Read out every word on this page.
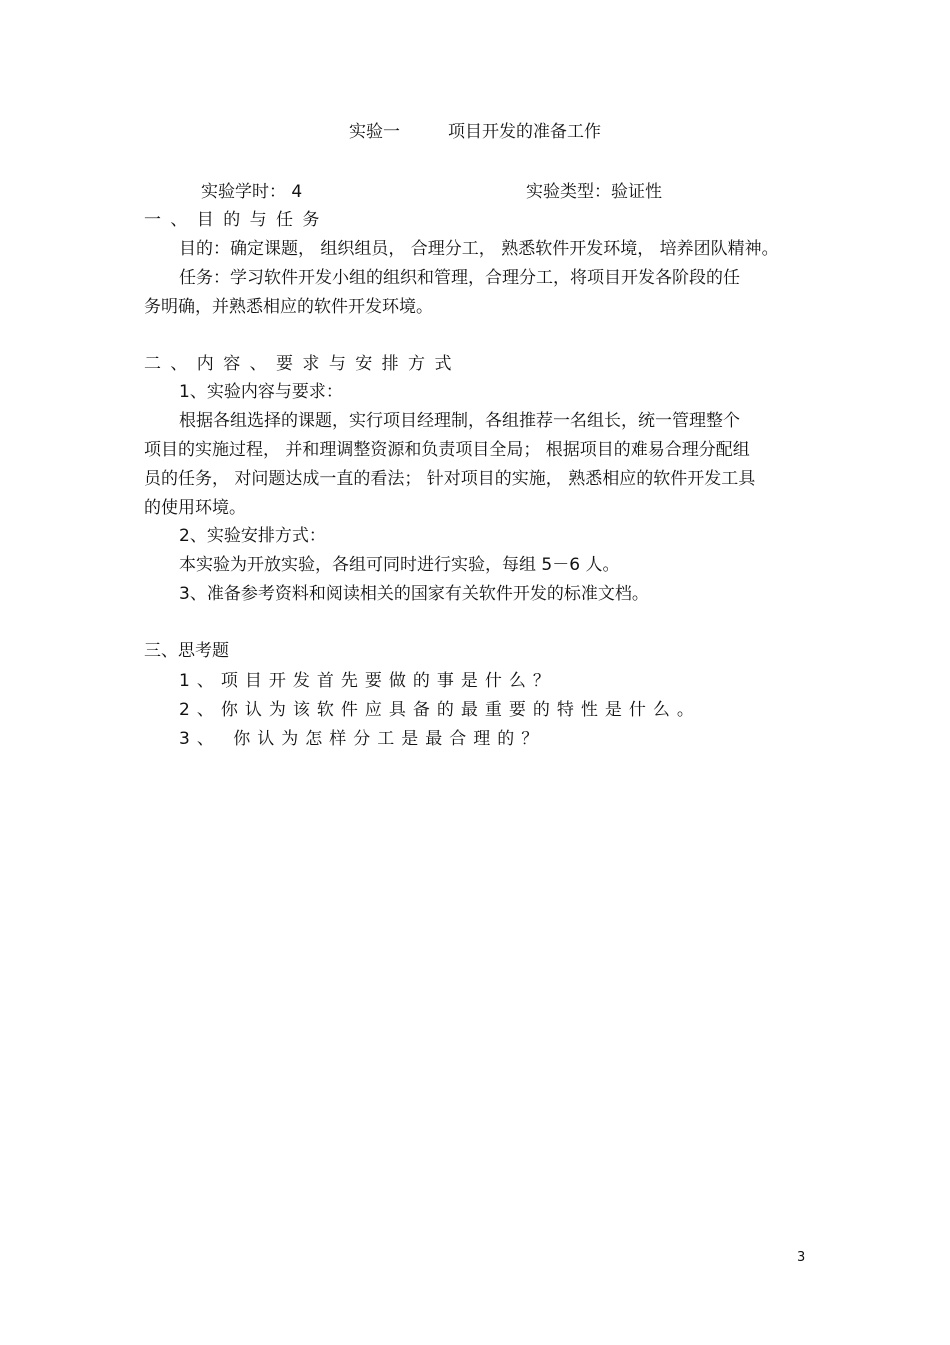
实验一	项目开发的准备工作
实验学时： 4	实验类型：验证性
一 、 目 的 与 任 务
目的：确定课题， 组织组员， 合理分工， 熟悉软件开发环境， 培养团队精神。
任务：学习软件开发小组的组织和管理，合理分工，将项目开发各阶段的任
务明确，并熟悉相应的软件开发环境。
二 、 内 容 、 要 求 与 安 排 方 式
1、实验内容与要求：
根据各组选择的课题，实行项目经理制，各组推荐一名组长，统一管理整个
项目的实施过程， 并和理调整资源和负责项目全局； 根据项目的难易合理分配组
员的任务， 对问题达成一直的看法； 针对项目的实施， 熟悉相应的软件开发工具
的使用环境。
2、实验安排方式：
本实验为开放实验，各组可同时进行实验，每组 5－6 人。
3、准备参考资料和阅读相关的国家有关软件开发的标准文档。
三、思考题
1、项目开发首先要做的事是什么？
2、你认为该软件应具备的最重要的特性是什么。
3、 你认为怎样分工是最合理的？
3
